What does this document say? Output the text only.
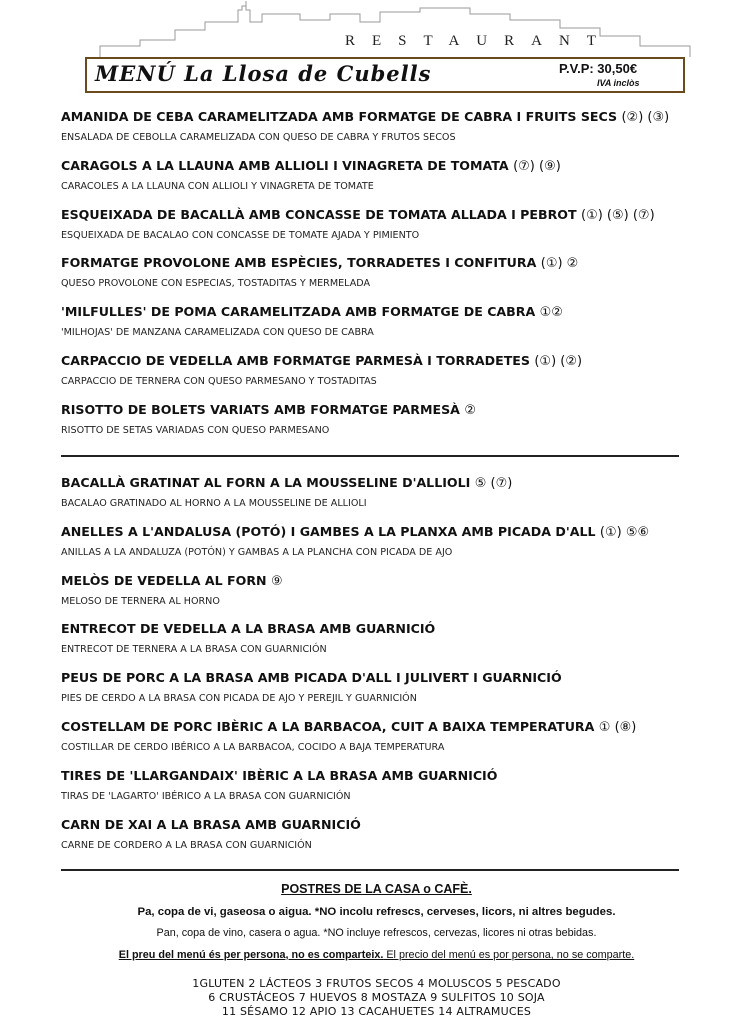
RESTAURANT
MENÚ La Llosa de Cubells	P.V.P: 30,50€
IVA inclòs
AMANIDA DE CEBA CARAMELITZADA AMB FORMATGE DE CABRA I FRUITS SECS (②) (③)
ENSALADA DE CEBOLLA CARAMELIZADA CON QUESO DE CABRA Y FRUTOS SECOS
CARAGOLS A LA LLAUNA AMB ALLIOLI I VINAGRETA DE TOMATA (⑦) (⑨)
CARACOLES A LA LLAUNA CON ALLIOLI Y VINAGRETA DE TOMATE
ESQUEIXADA DE BACALLÀ AMB CONCASSE DE TOMATA ALLADA I PEBROT (①) (⑤) (⑦)
ESQUEIXADA DE BACALAO CON CONCASSE DE TOMATE AJADA Y PIMIENTO
FORMATGE PROVOLONE AMB ESPÈCIES, TORRADETES I CONFITURA (①) ②
QUESO PROVOLONE CON ESPECIAS, TOSTADITAS Y MERMELADA
'MILFULLES' DE POMA CARAMELITZADA AMB FORMATGE DE CABRA ①②
'MILHOJAS' DE MANZANA CARAMELIZADA CON QUESO DE CABRA
CARPACCIO DE VEDELLA AMB FORMATGE PARMESÀ I TORRADETES (①) (②)
CARPACCIO DE TERNERA CON QUESO PARMESANO Y TOSTADITAS
RISOTTO DE BOLETS VARIATS AMB FORMATGE PARMESÀ ②
RISOTTO DE SETAS VARIADAS CON QUESO PARMESANO
BACALLÀ GRATINAT AL FORN A LA MOUSSELINE D'ALLIOLI ⑤ (⑦)
BACALAO GRATINADO AL HORNO A LA MOUSSELINE DE ALLIOLI
ANELLES A L'ANDALUSA (POTÓ) I GAMBES A LA PLANXA AMB PICADA D'ALL (①) ⑤⑥
ANILLAS A LA ANDALUZA (POTÓN) Y GAMBAS A LA PLANCHA CON PICADA DE AJO
MELÒS DE VEDELLA AL FORN ⑨
MELOSO DE TERNERA AL HORNO
ENTRECOT DE VEDELLA A LA BRASA AMB GUARNICIÓ
ENTRECOT DE TERNERA A LA BRASA CON GUARNICIÓN
PEUS DE PORC A LA BRASA AMB PICADA D'ALL I JULIVERT I GUARNICIÓ
PIES DE CERDO A LA BRASA CON PICADA DE AJO Y PEREJIL Y GUARNICIÓN
COSTELLAM DE PORC IBÈRIC A LA BARBACOA, CUIT A BAIXA TEMPERATURA ① (⑧)
COSTILLAR DE CERDO IBÉRICO A LA BARBACOA, COCIDO A BAJA TEMPERATURA
TIRES DE 'LLARGANDAIX' IBÈRIC A LA BRASA AMB GUARNICIÓ
TIRAS DE 'LAGARTO' IBÉRICO A LA BRASA CON GUARNICIÓN
CARN DE XAI A LA BRASA AMB GUARNICIÓ
CARNE DE CORDERO A LA BRASA CON GUARNICIÓN
POSTRES DE LA CASA o CAFÈ.
Pa, copa de vi, gaseosa o aigua. *NO incolu refrescs, cerveses, licors, ni altres begudes.
Pan, copa de vino, casera o agua. *NO incluye refrescos, cervezas, licores ni otras bebidas.
El preu del menú és per persona, no es comparteix. El precio del menú es por persona, no se comparte.
1GLUTEN 2 LÁCTEOS 3 FRUTOS SECOS 4 MOLUSCOS 5 PESCADO
6 CRUSTÁCEOS 7 HUEVOS 8 MOSTAZA 9 SULFITOS 10 SOJA
11 SÉSAMO 12 APIO 13 CACAHUETES 14 ALTRAMUCES
